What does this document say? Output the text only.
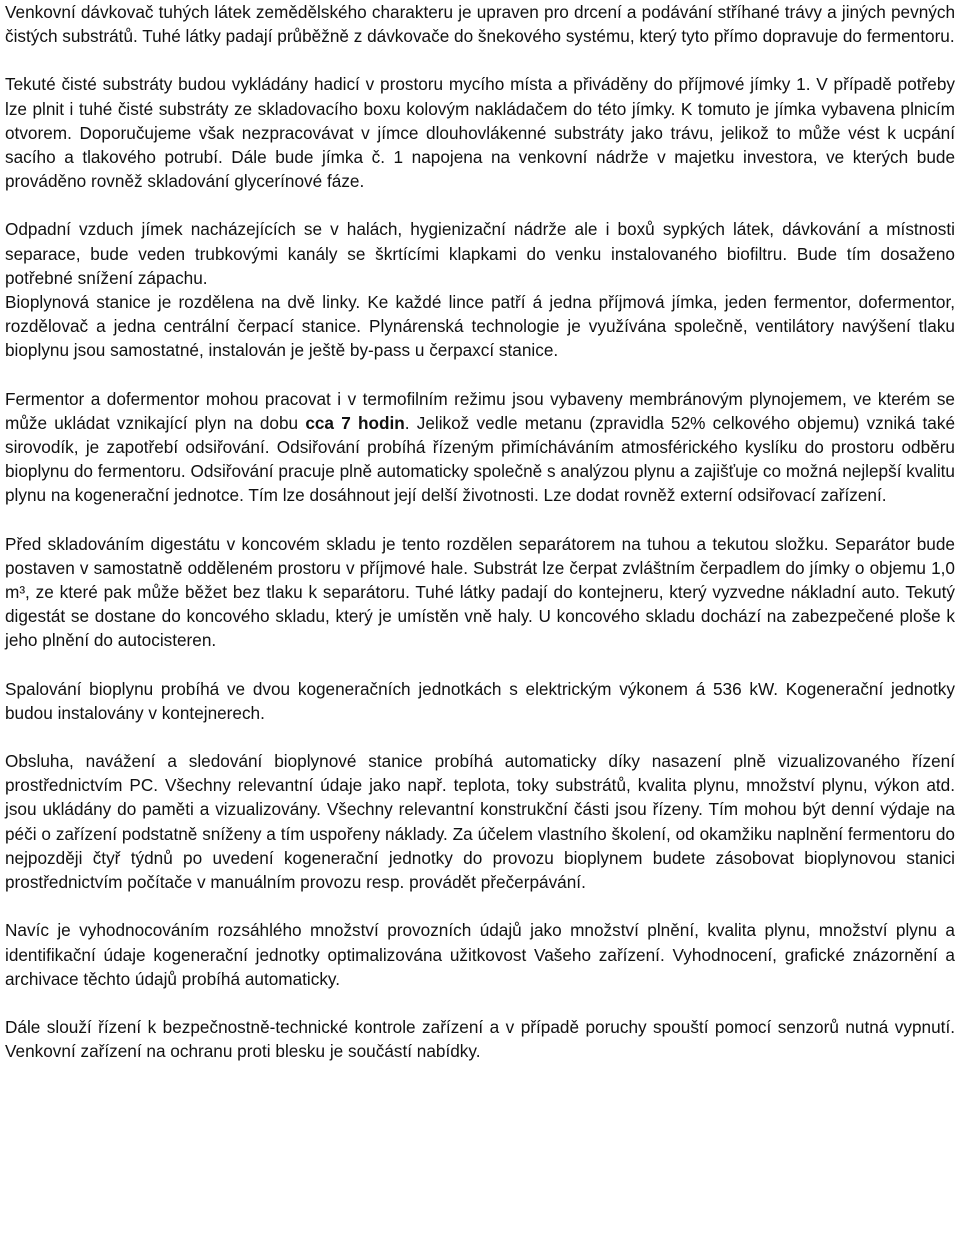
Venkovní dávkovač tuhých látek zemědělského charakteru je upraven pro drcení a podávání stříhané trávy a jiných pevných čistých substrátů. Tuhé látky padají průběžně z dávkovače do šnekového systému, který tyto přímo dopravuje do fermentoru.

Tekuté čisté substráty budou vykládány hadicí v prostoru mycího místa a přiváděny do příjmové jímky 1. V případě potřeby lze plnit i tuhé čisté substráty ze skladovacího boxu kolovým nakládačem do této jímky. K tomuto je jímka vybavena plnicím otvorem. Doporučujeme však nezpracovávat v jímce dlouhovlákenné substráty jako trávu, jelikož to může vést k ucpání sacího a tlakového potrubí. Dále bude jímka č. 1 napojena na venkovní nádrže v majetku investora, ve kterých bude prováděno rovněž skladování glycerínové fáze.

Odpadní vzduch jímek nacházejících se v halách, hygienizační nádrže ale i boxů sypkých látek, dávkování a místnosti separace, bude veden trubkovými kanály se škrtícími klapkami do venku instalovaného biofiltru. Bude tím dosaženo potřebné snížení zápachu.

Bioplynová stanice je rozdělena na dvě linky. Ke každé lince patří á jedna příjmová jímka, jeden fermentor, dofermentor, rozdělovač a jedna centrální čerpací stanice. Plynárenská technologie je využívána společně, ventilátory navýšení tlaku bioplynu jsou samostatné, instalován je ještě by-pass u čerpaxcí stanice.

Fermentor a dofermentor mohou pracovat i v termofilním režimu jsou vybaveny membránovým plynojemem, ve kterém se může ukládat vznikající plyn na dobu cca 7 hodin. Jelikož vedle metanu (zpravidla 52% celkového objemu) vzniká také sirovodík, je zapotřebí odsiřování. Odsiřování probíhá řízeným přimícháváním atmosférického kyslíku do prostoru odběru bioplynu do fermentoru. Odsiřování pracuje plně automaticky společně s analýzou plynu a zajišťuje co možná nejlepší kvalitu plynu na kogenerační jednotce. Tím lze dosáhnout její delší životnosti. Lze dodat rovněž externí odsiřovací zařízení.

Před skladováním digestátu v koncovém skladu je tento rozdělen separátorem na tuhou a tekutou složku. Separátor bude postaven v samostatně odděleném prostoru v příjmové hale. Substrát lze čerpat zvláštním čerpadlem do jímky o objemu 1,0 m³, ze které pak může běžet bez tlaku k separátoru. Tuhé látky padají do kontejneru, který vyzvedne nákladní auto. Tekutý digestát se dostane do koncového skladu, který je umístěn vně haly. U koncového skladu dochází na zabezpečené ploše k jeho plnění do autocisteren.

Spalování bioplynu probíhá ve dvou kogeneračních jednotkách s elektrickým výkonem á 536 kW. Kogenerační jednotky budou instalovány v kontejnerech.

Obsluha, navážení a sledování bioplynové stanice probíhá automaticky díky nasazení plně vizualizovaného řízení prostřednictvím PC. Všechny relevantní údaje jako např. teplota, toky substrátů, kvalita plynu, množství plynu, výkon atd. jsou ukládány do paměti a vizualizovány. Všechny relevantní konstrukční části jsou řízeny. Tím mohou být denní výdaje na péči o zařízení podstatně sníženy a tím uspořeny náklady. Za účelem vlastního školení, od okamžiku naplnění fermentoru do nejpozději čtyř týdnů po uvedení kogenerační jednotky do provozu bioplynem budete zásobovat bioplynovou stanici prostřednictvím počítače v manuálním provozu resp. provádět přečerpávání.

Navíc je vyhodnocováním rozsáhlého množství provozních údajů jako množství plnění, kvalita plynu, množství plynu a identifikační údaje kogenerační jednotky optimalizována užitkovost Vašeho zařízení. Vyhodnocení, grafické znázornění a archivace těchto údajů probíhá automaticky.

Dále slouží řízení k bezpečnostně-technické kontrole zařízení a v případě poruchy spouští pomocí senzorů nutná vypnutí. Venkovní zařízení na ochranu proti blesku je součástí nabídky.
